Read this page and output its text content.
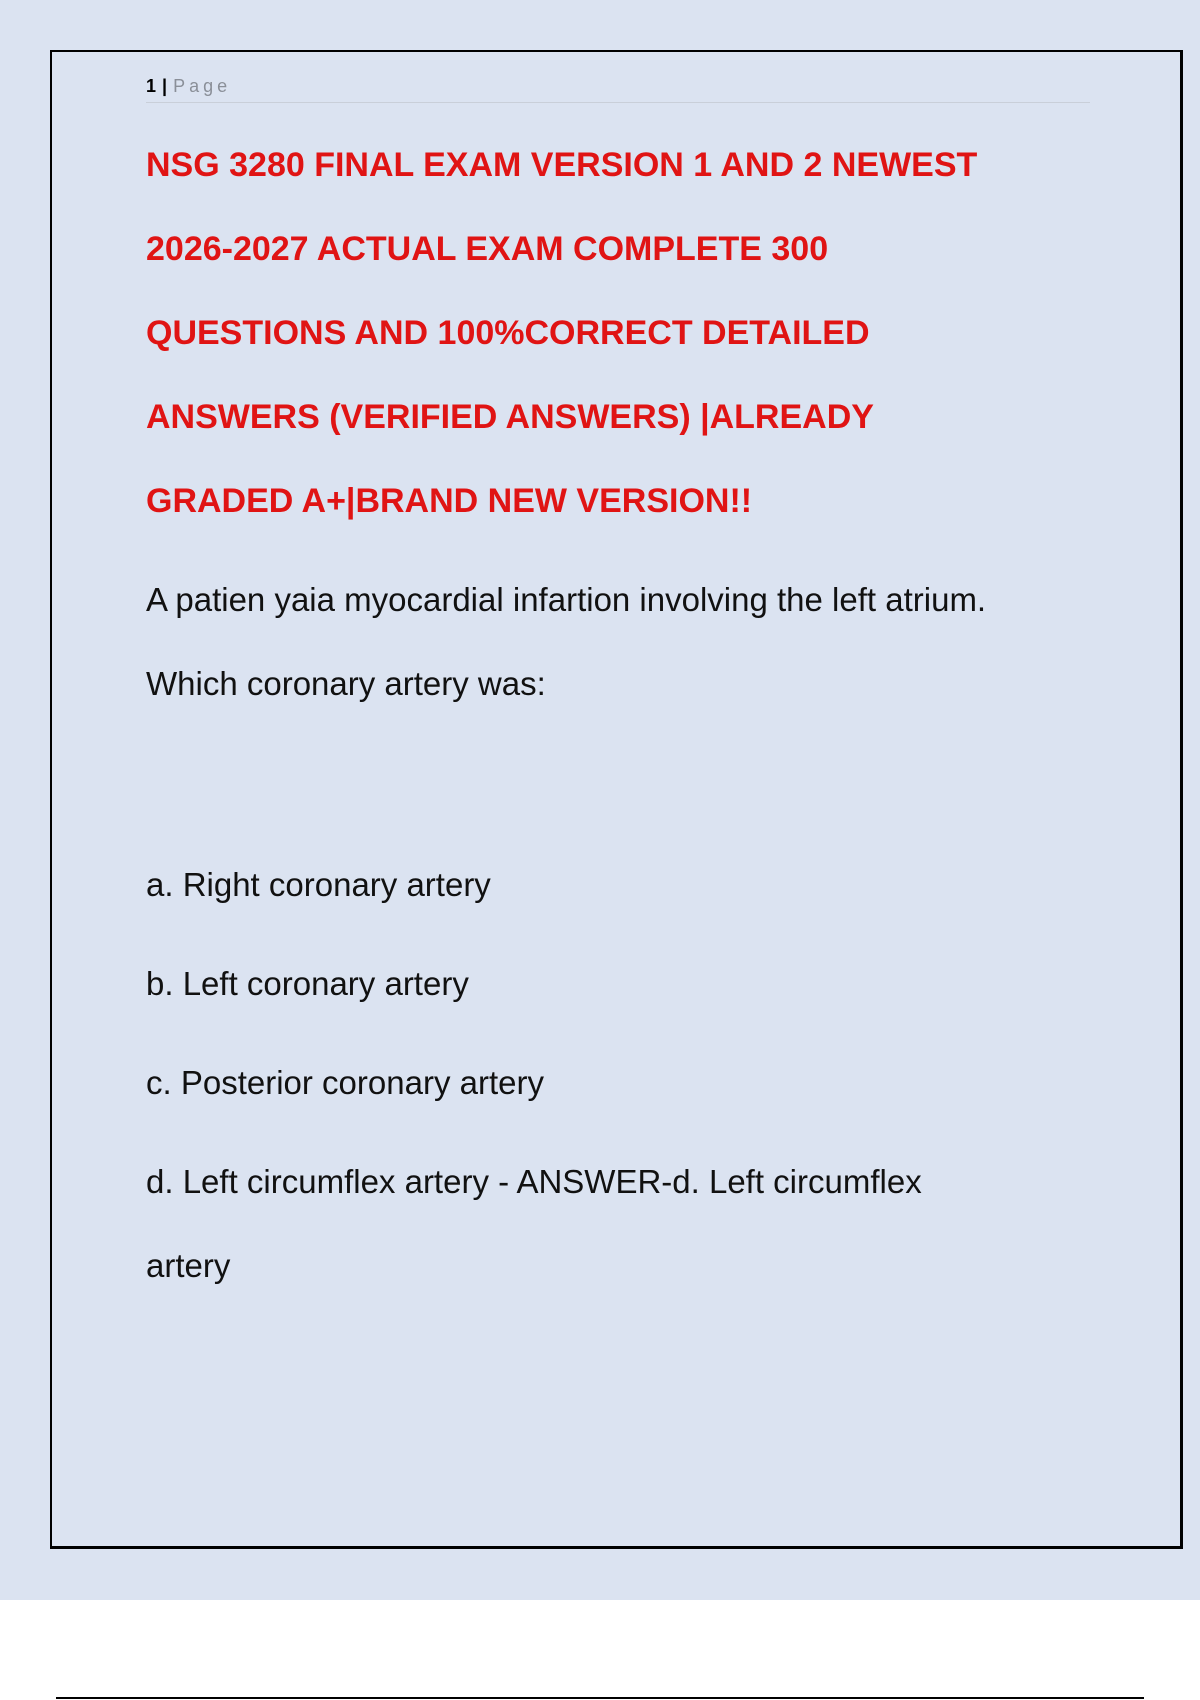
1 | Page
NSG 3280 FINAL EXAM VERSION 1 AND 2 NEWEST
2026-2027 ACTUAL EXAM COMPLETE 300
QUESTIONS AND 100%CORRECT DETAILED
ANSWERS (VERIFIED ANSWERS) |ALREADY
GRADED A+|BRAND NEW VERSION!!
A patien yaia myocardial infartion involving the left atrium.
Which coronary artery was:
a. Right coronary artery
b. Left coronary artery
c. Posterior coronary artery
d. Left circumflex artery - ANSWER-d. Left circumflex
artery
